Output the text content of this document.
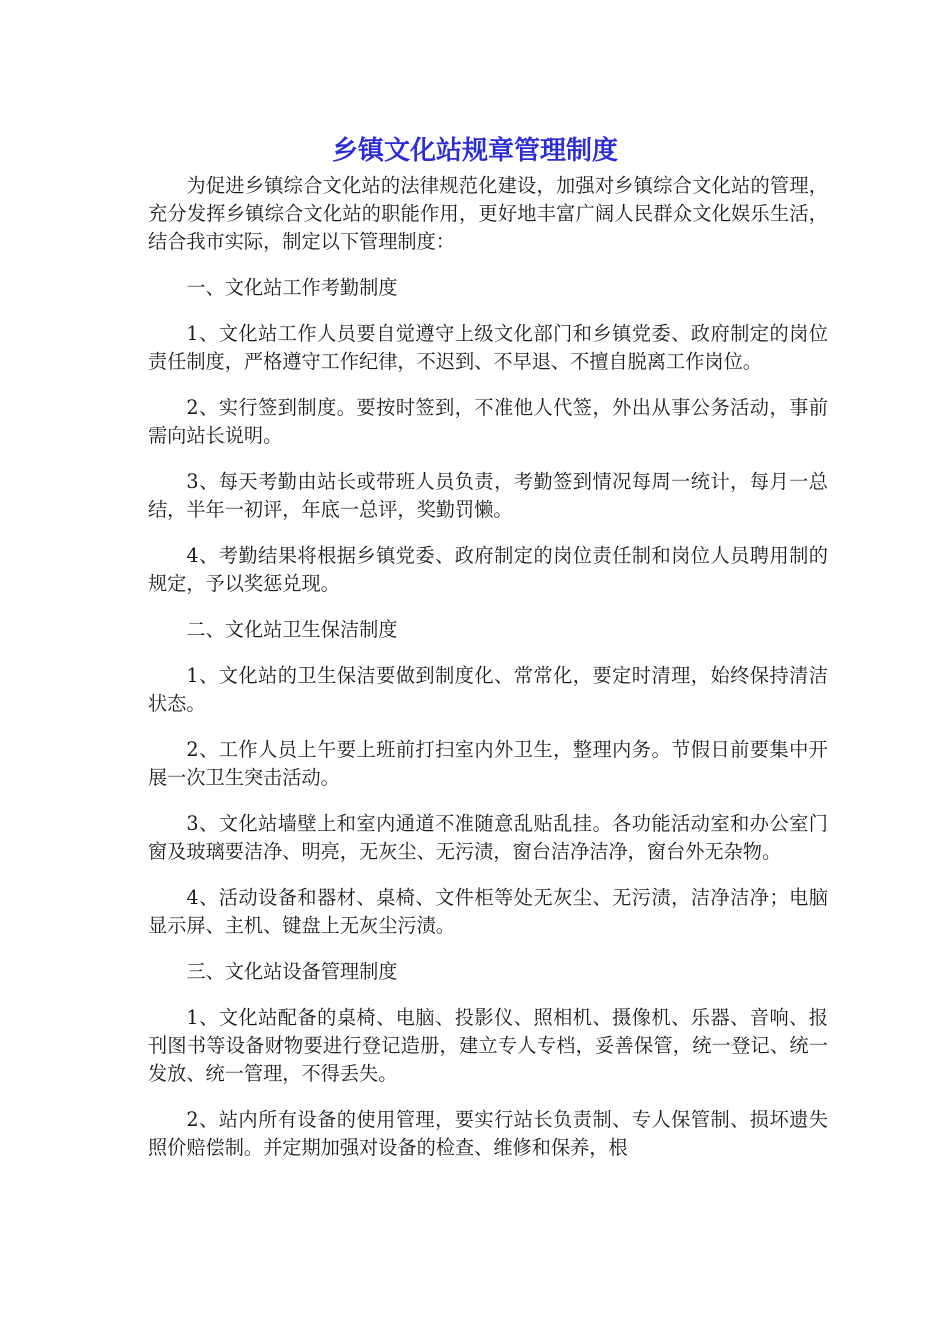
乡镇文化站规章管理制度

为促进乡镇综合文化站的法律规范化建设，加强对乡镇综合文化站的管理，充分发挥乡镇综合文化站的职能作用，更好地丰富广阔人民群众文化娱乐生活，结合我市实际，制定以下管理制度：

一、文化站工作考勤制度

1、文化站工作人员要自觉遵守上级文化部门和乡镇党委、政府制定的岗位责任制度，严格遵守工作纪律，不迟到、不早退、不擅自脱离工作岗位。

2、实行签到制度。要按时签到，不准他人代签，外出从事公务活动，事前需向站长说明。

3、每天考勤由站长或带班人员负责，考勤签到情况每周一统计，每月一总结，半年一初评，年底一总评，奖勤罚懒。

4、考勤结果将根据乡镇党委、政府制定的岗位责任制和岗位人员聘用制的规定，予以奖惩兑现。

二、文化站卫生保洁制度

1、文化站的卫生保洁要做到制度化、常常化，要定时清理，始终保持清洁状态。

2、工作人员上午要上班前打扫室内外卫生，整理内务。节假日前要集中开展一次卫生突击活动。

3、文化站墙壁上和室内通道不准随意乱贴乱挂。各功能活动室和办公室门窗及玻璃要洁净、明亮，无灰尘、无污渍，窗台洁净洁净，窗台外无杂物。

4、活动设备和器材、桌椅、文件柜等处无灰尘、无污渍，洁净洁净；电脑显示屏、主机、键盘上无灰尘污渍。

三、文化站设备管理制度

1、文化站配备的桌椅、电脑、投影仪、照相机、摄像机、乐器、音响、报刊图书等设备财物要进行登记造册，建立专人专档，妥善保管，统一登记、统一发放、统一管理，不得丢失。

2、站内所有设备的使用管理，要实行站长负责制、专人保管制、损坏遗失照价赔偿制。并定期加强对设备的检查、维修和保养，根
